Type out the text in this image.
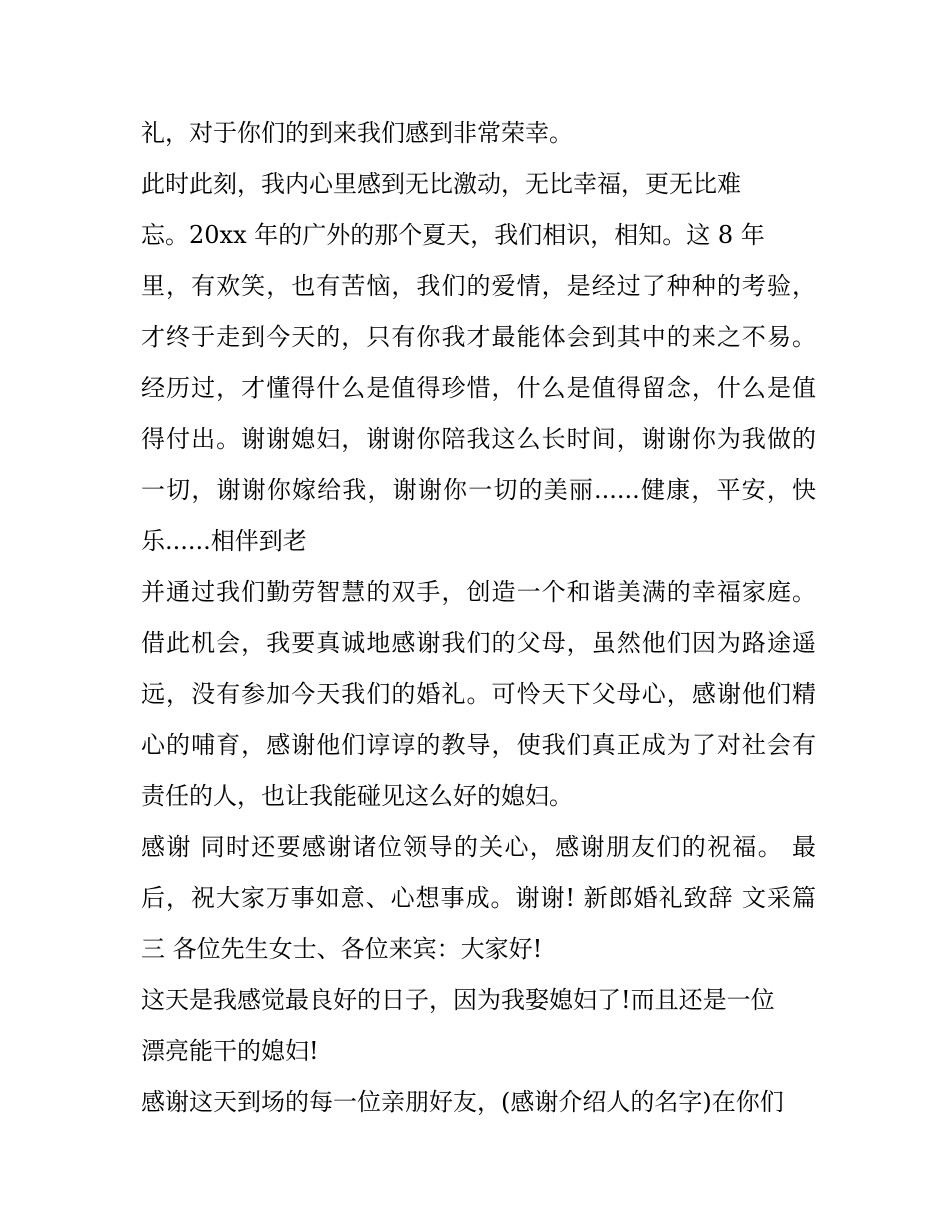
礼，对于你们的到来我们感到非常荣幸。
此时此刻，我内心里感到无比激动，无比幸福，更无比难
忘。20xx 年的广外的那个夏天，我们相识，相知。这 8 年
里，有欢笑，也有苦恼，我们的爱情，是经过了种种的考验，
才终于走到今天的，只有你我才最能体会到其中的来之不易。
经历过，才懂得什么是值得珍惜，什么是值得留念，什么是值
得付出。谢谢媳妇，谢谢你陪我这么长时间，谢谢你为我做的
一切，谢谢你嫁给我，谢谢你一切的美丽......健康，平安，快
乐......相伴到老
并通过我们勤劳智慧的双手，创造一个和谐美满的幸福家庭。
借此机会，我要真诚地感谢我们的父母，虽然他们因为路途遥
远，没有参加今天我们的婚礼。可怜天下父母心，感谢他们精
心的哺育，感谢他们谆谆的教导，使我们真正成为了对社会有
责任的人，也让我能碰见这么好的媳妇。
感谢 同时还要感谢诸位领导的关心，感谢朋友们的祝福。 最
后，祝大家万事如意、心想事成。谢谢! 新郎婚礼致辞 文采篇
三 各位先生女士、各位来宾：大家好!
这天是我感觉最良好的日子，因为我娶媳妇了!而且还是一位
漂亮能干的媳妇!
感谢这天到场的每一位亲朋好友，(感谢介绍人的名字)在你们
